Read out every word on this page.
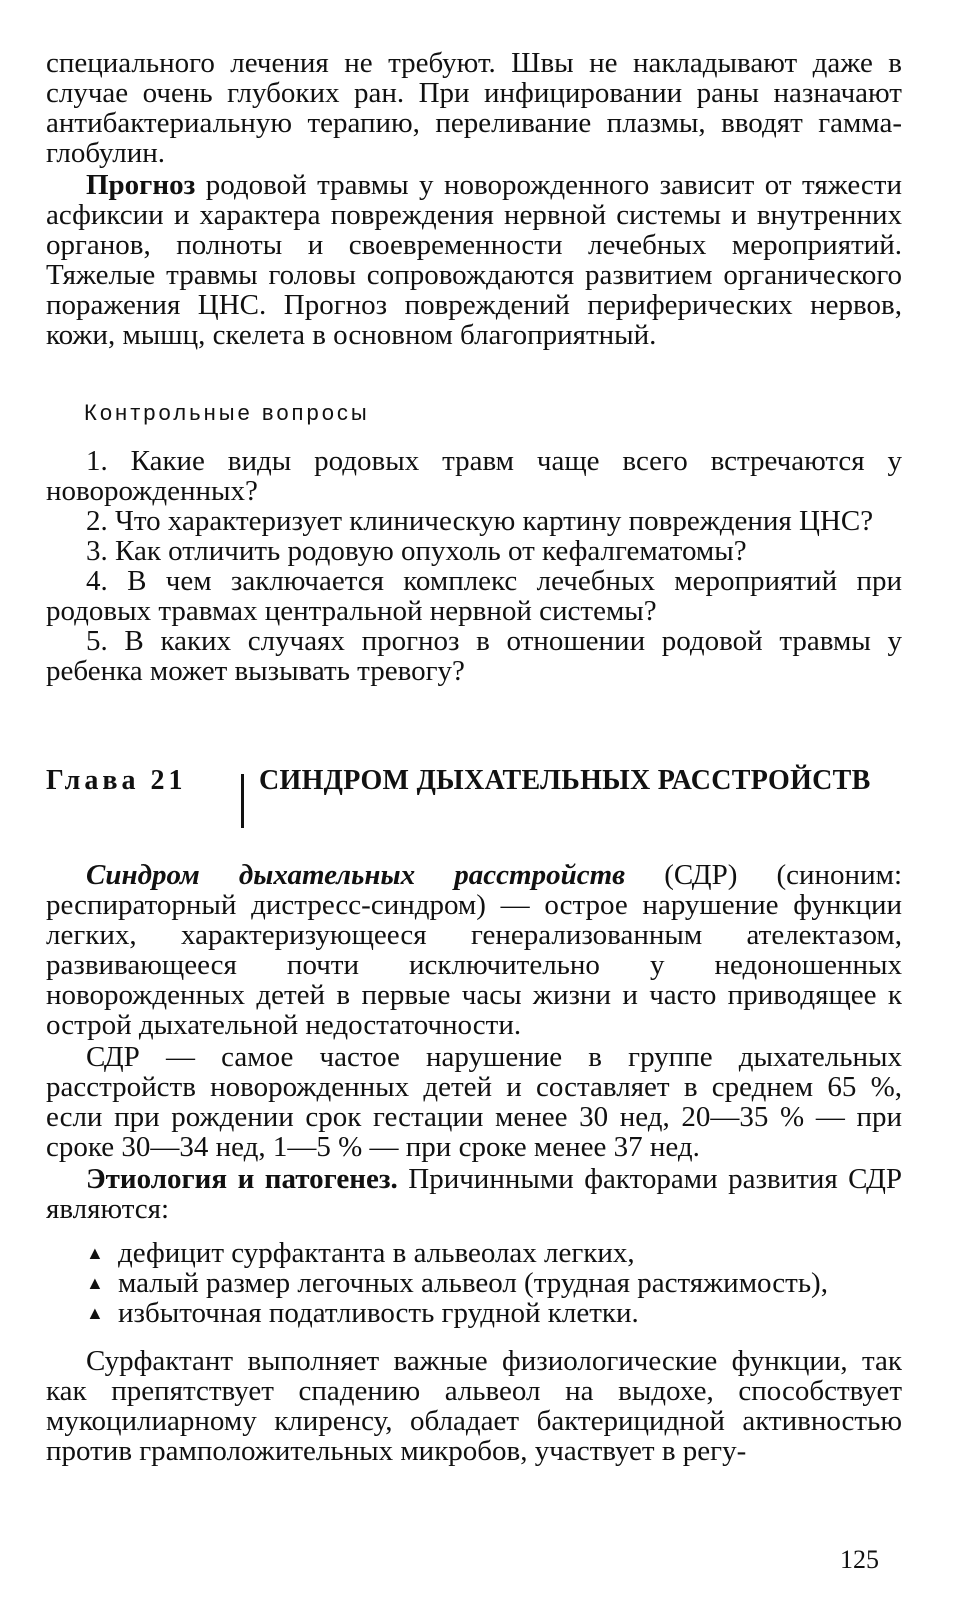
специального лечения не требуют. Швы не накладывают даже в случае очень глубоких ран. При инфицировании раны назначают антибактериальную терапию, переливание плазмы, вводят гамма-глобулин.

Прогноз родовой травмы у новорожденного зависит от тяжести асфиксии и характера повреждения нервной системы и внутренних органов, полноты и своевременности лечебных мероприятий. Тяжелые травмы головы сопровождаются развитием органического поражения ЦНС. Прогноз повреждений периферических нервов, кожи, мышц, скелета в основном благоприятный.

Контрольные вопросы

1. Какие виды родовых травм чаще всего встречаются у новорожденных?

2. Что характеризует клиническую картину повреждения ЦНС?

3. Как отличить родовую опухоль от кефалгематомы?

4. В чем заключается комплекс лечебных мероприятий при родовых травмах центральной нервной системы?

5. В каких случаях прогноз в отношении родовой травмы у ребенка может вызывать тревогу?

Глава 21	СИНДРОМ ДЫХАТЕЛЬНЫХ РАССТРОЙСТВ

Синдром дыхательных расстройств (СДР) (синоним: респираторный дистресс-синдром) — острое нарушение функции легких, характеризующееся генерализованным ателектазом, развивающееся почти исключительно у недоношенных новорожденных детей в первые часы жизни и часто приводящее к острой дыхательной недостаточности.

СДР — самое частое нарушение в группе дыхательных расстройств новорожденных детей и составляет в среднем 65 %, если при рождении срок гестации менее 30 нед, 20—35 % — при сроке 30—34 нед, 1—5 % — при сроке менее 37 нед.

Этиология и патогенез. Причинными факторами развития СДР являются:

▲ дефицит сурфактанта в альвеолах легких,
▲ малый размер легочных альвеол (трудная растяжимость),
▲ избыточная податливость грудной клетки.

Сурфактант выполняет важные физиологические функции, так как препятствует спадению альвеол на выдохе, способствует мукоцилиарному клиренсу, обладает бактерицидной активностью против грамположительных микробов, участвует в регу-

125
